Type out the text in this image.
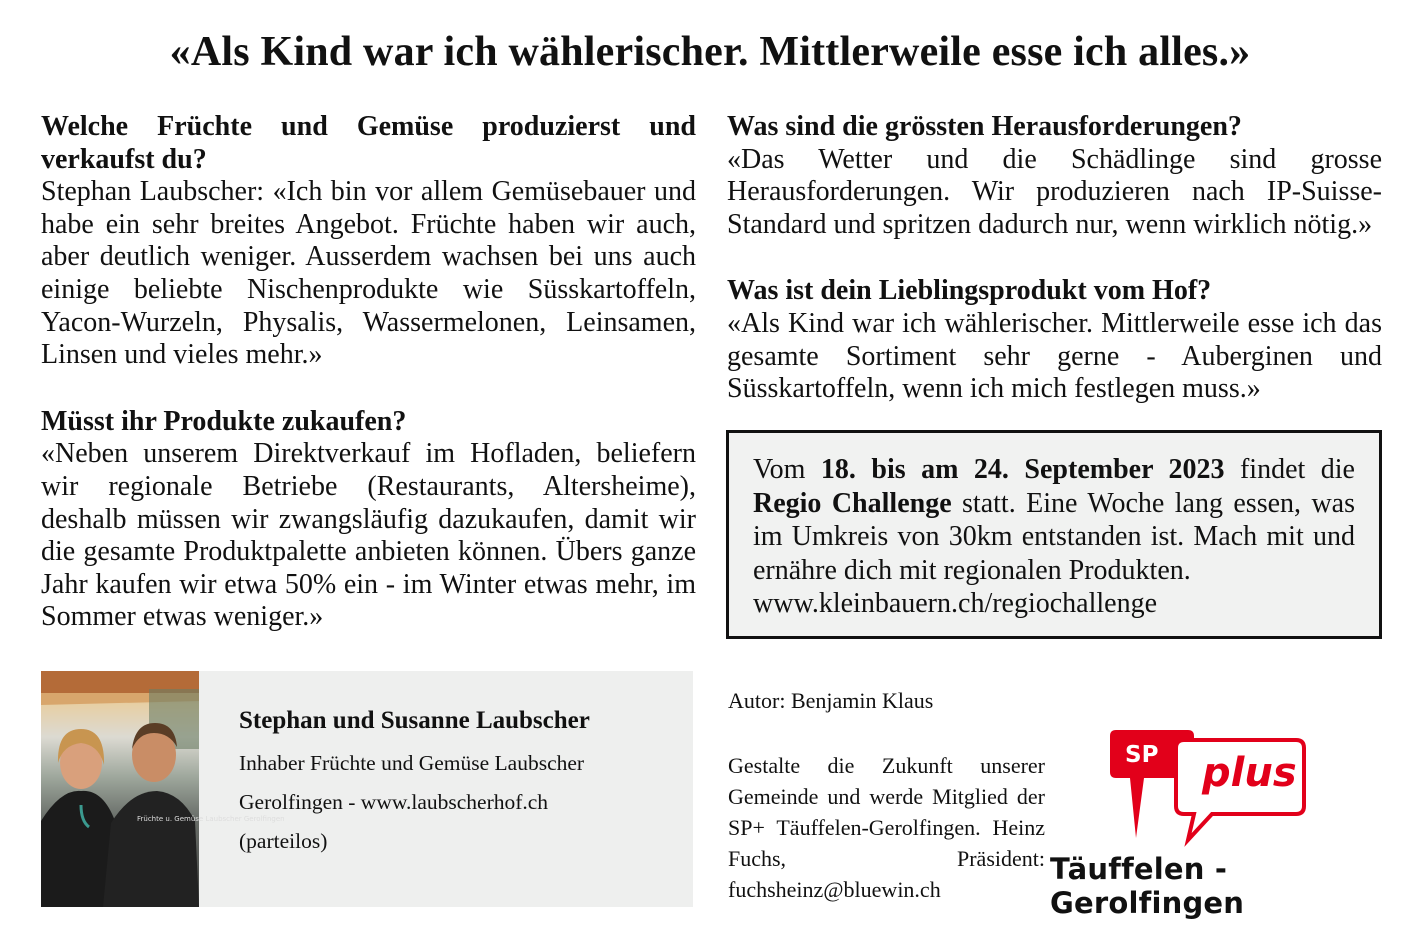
«Als Kind war ich wählerischer. Mittlerweile esse ich alles.»
Welche Früchte und Gemüse produzierst und verkaufst du?
Stephan Laubscher: «Ich bin vor allem Gemüsebauer und habe ein sehr breites Angebot. Früchte haben wir auch, aber deutlich weniger. Ausserdem wachsen bei uns auch einige beliebte Nischenprodukte wie Süsskartoffeln, Yacon-Wurzeln, Physalis, Wassermelonen, Leinsamen, Linsen und vieles mehr.»
Müsst ihr Produkte zukaufen?
«Neben unserem Direktverkauf im Hofladen, beliefern wir regionale Betriebe (Restaurants, Altersheime), deshalb müssen wir zwangsläufig dazukaufen, damit wir die gesamte Produktpalette anbieten können. Übers ganze Jahr kaufen wir etwa 50% ein - im Winter etwas mehr, im Sommer etwas weniger.»
Was sind die grössten Herausforderungen?
«Das Wetter und die Schädlinge sind grosse Herausforderungen. Wir produzieren nach IP-Suisse-Standard und spritzen dadurch nur, wenn wirklich nötig.»
Was ist dein Lieblingsprodukt vom Hof?
«Als Kind war ich wählerischer. Mittlerweile esse ich das gesamte Sortiment sehr gerne - Auberginen und Süsskartoffeln, wenn ich mich festlegen muss.»
Vom 18. bis am 24. September 2023 findet die Regio Challenge statt. Eine Woche lang essen, was im Umkreis von 30km entstanden ist. Mach mit und ernähre dich mit regionalen Produkten.
www.kleinbauern.ch/regiochallenge
Früchte u. Gemüse Laubscher Gerolfingen
Stephan und Susanne Laubscher
Inhaber Früchte und Gemüse Laubscher
Gerolfingen - www.laubscherhof.ch
(parteilos)
Autor: Benjamin Klaus
Gestalte die Zukunft unserer Gemeinde und werde Mitglied der SP+ Täuffelen-Gerolfingen. Heinz Fuchs, Präsident: fuchsheinz@bluewin.ch
SP plus
Täuffelen - Gerolfingen
